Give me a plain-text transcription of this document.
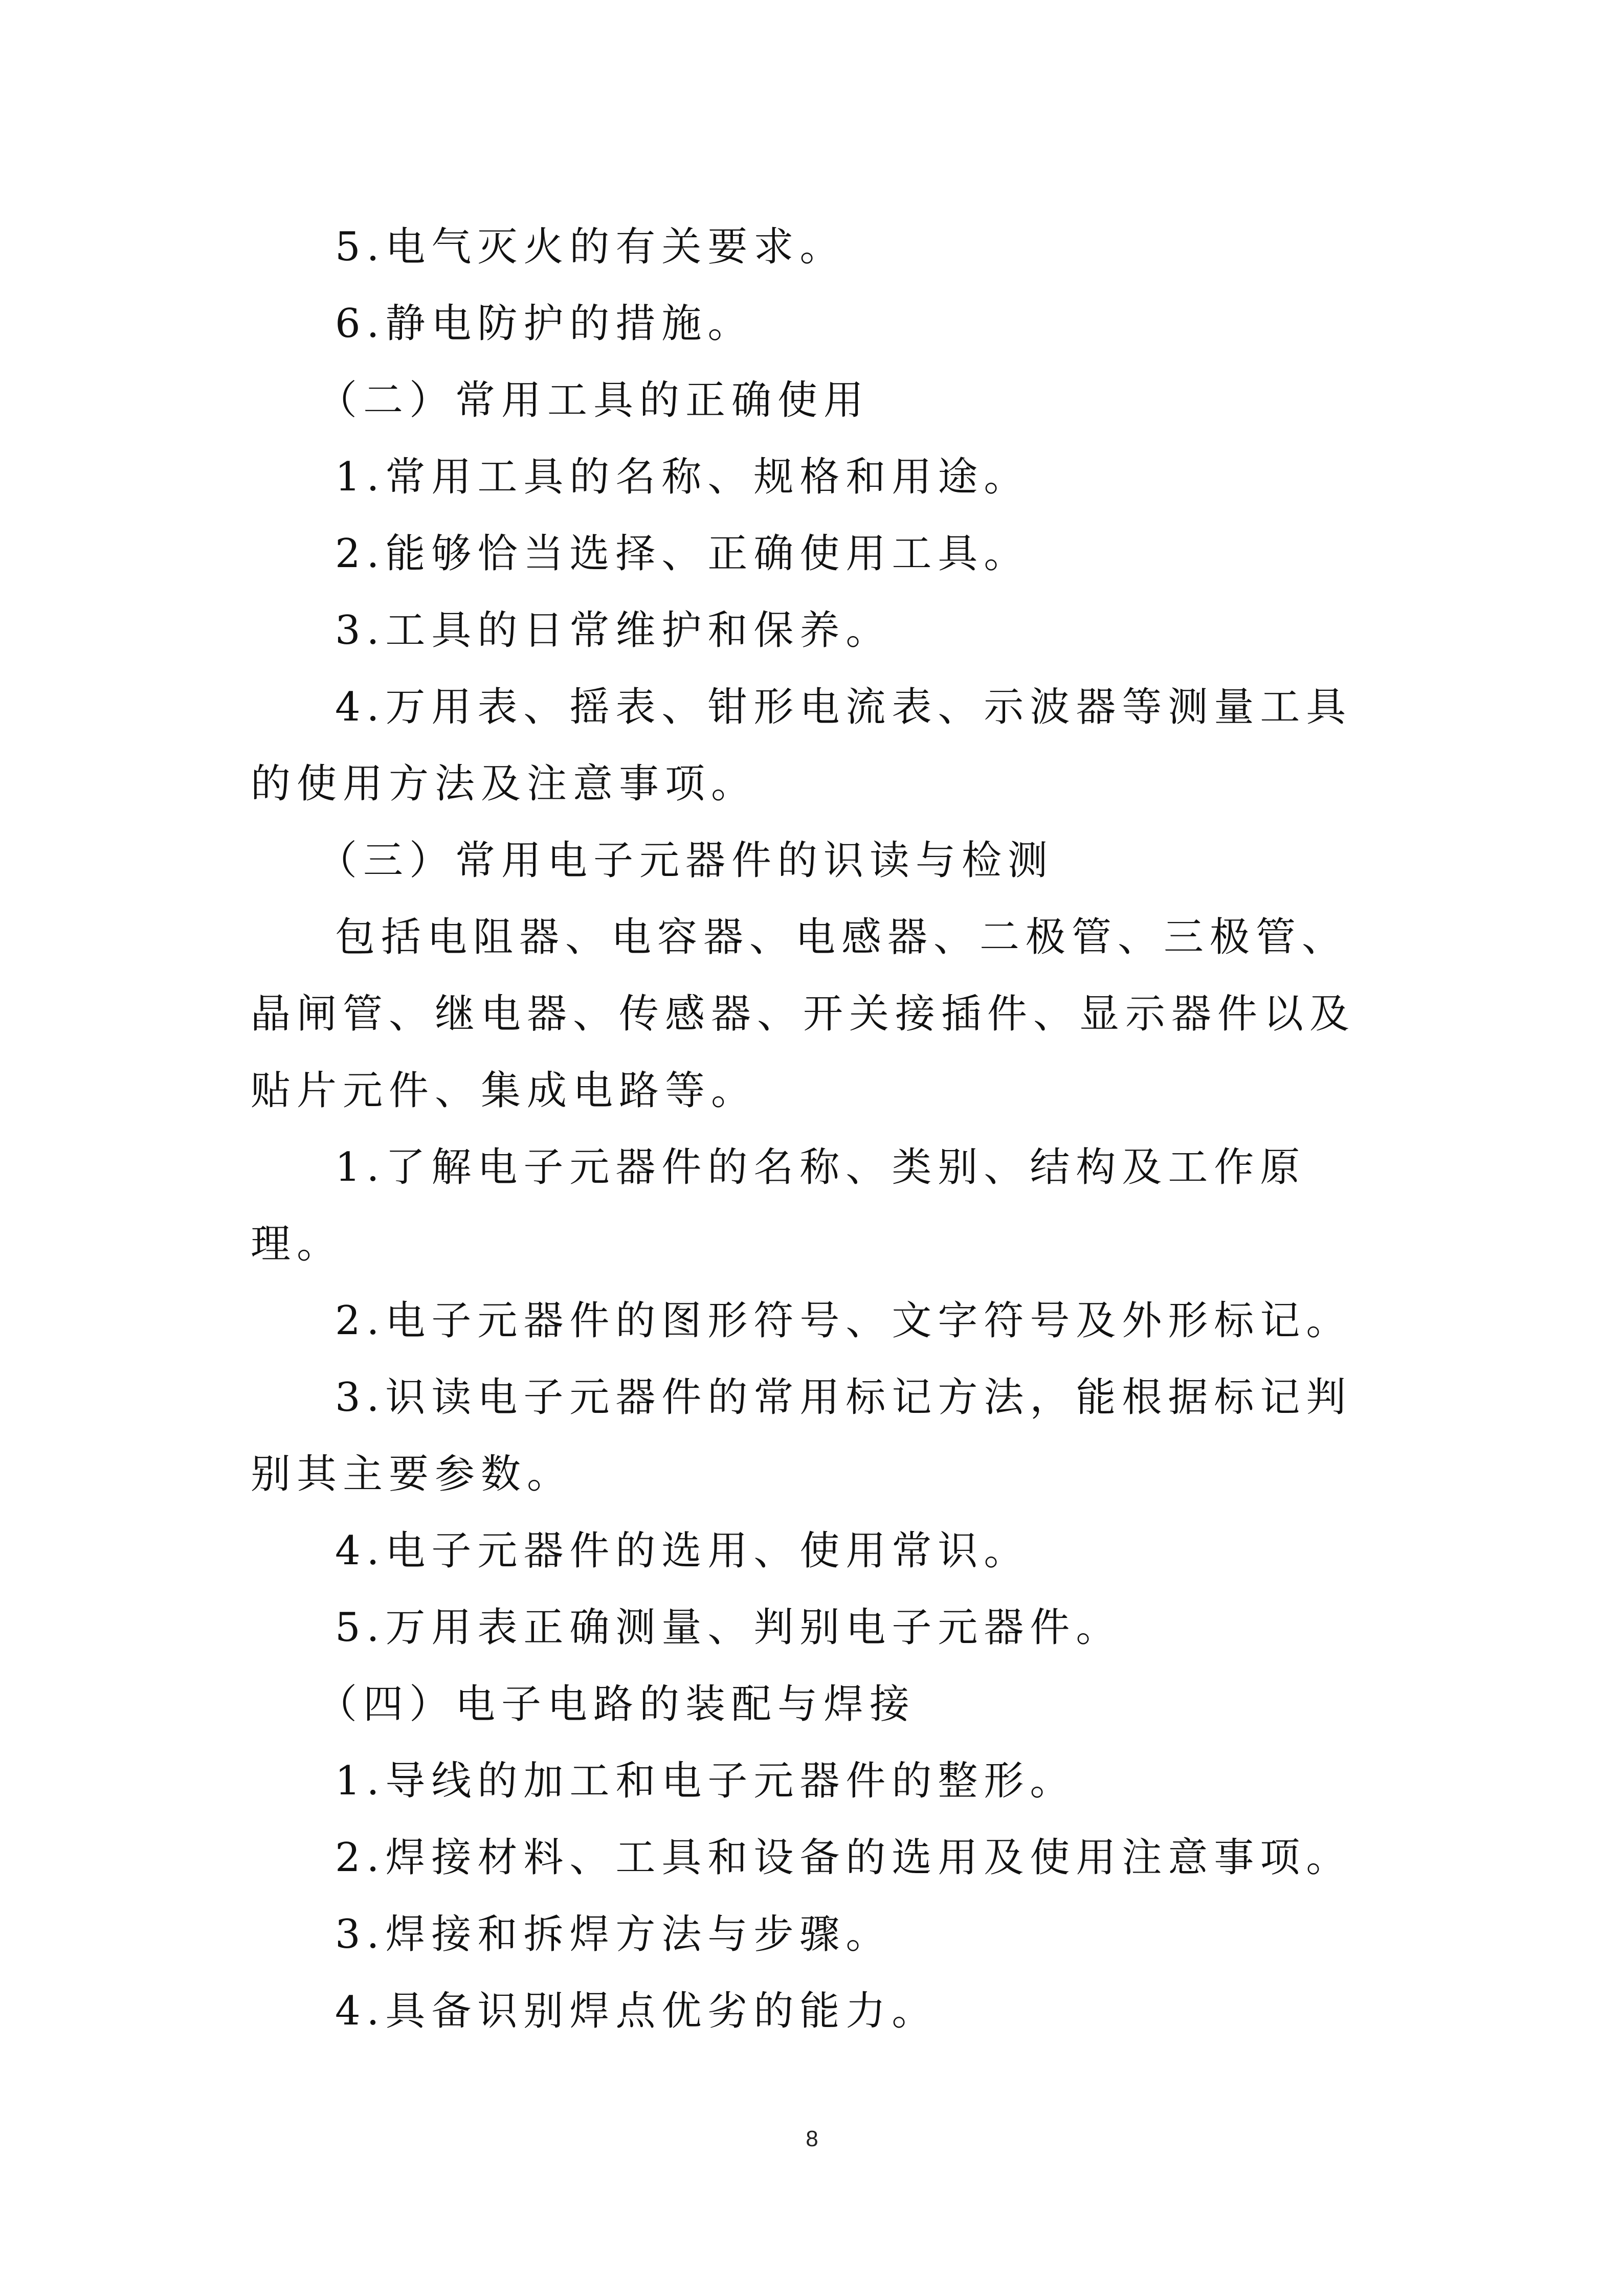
5.电气灭火的有关要求。

6.静电防护的措施。

（二）常用工具的正确使用

1.常用工具的名称、规格和用途。

2.能够恰当选择、正确使用工具。

3.工具的日常维护和保养。

4.万用表、摇表、钳形电流表、示波器等测量工具的使用方法及注意事项。

（三）常用电子元器件的识读与检测

包括电阻器、电容器、电感器、二极管、三极管、晶闸管、继电器、传感器、开关接插件、显示器件以及贴片元件、集成电路等。

1.了解电子元器件的名称、类别、结构及工作原理。

2.电子元器件的图形符号、文字符号及外形标记。

3.识读电子元器件的常用标记方法，能根据标记判别其主要参数。

4.电子元器件的选用、使用常识。

5.万用表正确测量、判别电子元器件。

（四）电子电路的装配与焊接

1.导线的加工和电子元器件的整形。

2.焊接材料、工具和设备的选用及使用注意事项。

3.焊接和拆焊方法与步骤。

4.具备识别焊点优劣的能力。

8
